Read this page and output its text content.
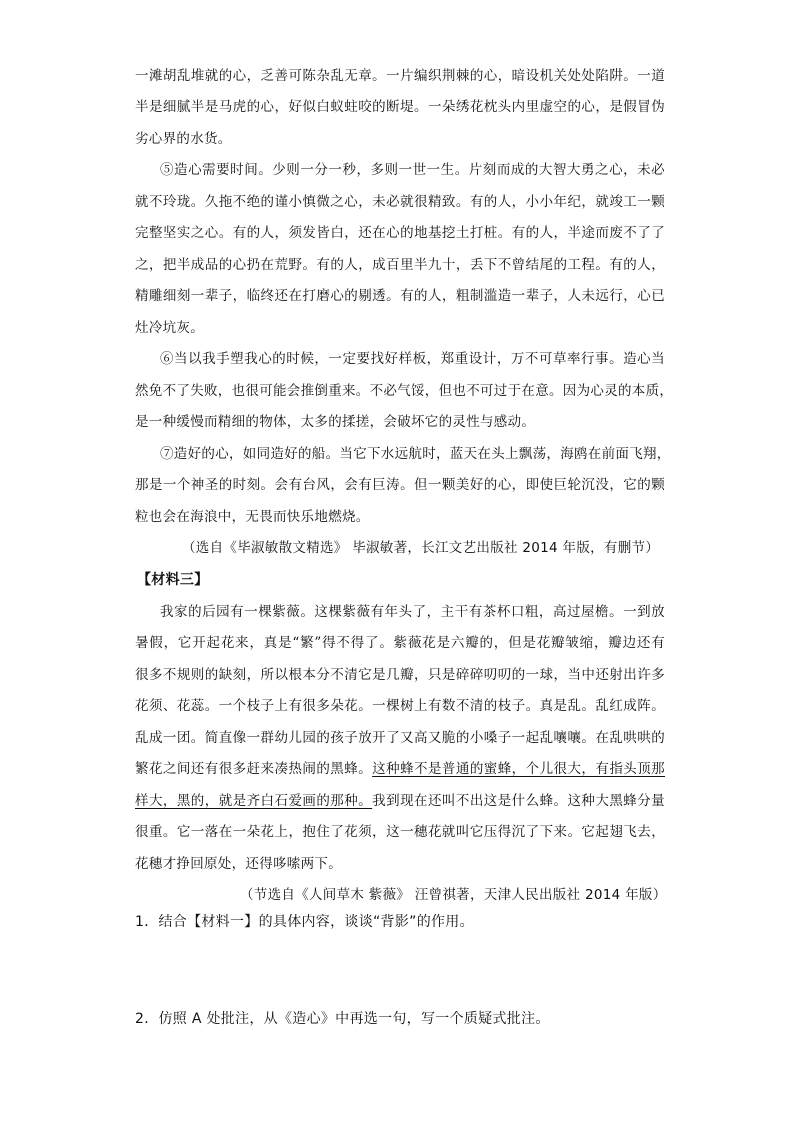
一滩胡乱堆就的心，乏善可陈杂乱无章。一片编织荆棘的心，暗设机关处处陷阱。一道
半是细腻半是马虎的心，好似白蚁蛀咬的断堤。一朵绣花枕头内里虚空的心，是假冒伪
劣心界的水货。
⑤造心需要时间。少则一分一秒，多则一世一生。片刻而成的大智大勇之心，未必
就不玲珑。久拖不绝的谨小慎微之心，未必就很精致。有的人，小小年纪，就竣工一颗
完整坚实之心。有的人，须发皆白，还在心的地基挖土打桩。有的人，半途而废不了了
之，把半成品的心扔在荒野。有的人，成百里半九十，丢下不曾结尾的工程。有的人，
精雕细刻一辈子，临终还在打磨心的剔透。有的人，粗制滥造一辈子，人未远行，心已
灶冷坑灰。
⑥当以我手塑我心的时候，一定要找好样板，郑重设计，万不可草率行事。造心当
然免不了失败，也很可能会推倒重来。不必气馁，但也不可过于在意。因为心灵的本质，
是一种缓慢而精细的物体，太多的揉搓，会破坏它的灵性与感动。
⑦造好的心，如同造好的船。当它下水远航时，蓝天在头上飘荡，海鸥在前面飞翔，
那是一个神圣的时刻。会有台风，会有巨涛。但一颗美好的心，即使巨轮沉没，它的颗
粒也会在海浪中，无畏而快乐地燃烧。
（选自《毕淑敏散文精选》 毕淑敏著，长江文艺出版社 2014 年版，有删节）
【材料三】
我家的后园有一棵紫薇。这棵紫薇有年头了，主干有茶杯口粗，高过屋檐。一到放
暑假，它开起花来，真是“繁”得不得了。紫薇花是六瓣的，但是花瓣皱缩，瓣边还有
很多不规则的缺刻，所以根本分不清它是几瓣，只是碎碎叨叨的一球，当中还射出许多
花须、花蕊。一个枝子上有很多朵花。一棵树上有数不清的枝子。真是乱。乱红成阵。
乱成一团。简直像一群幼儿园的孩子放开了又高又脆的小嗓子一起乱嚷嚷。在乱哄哄的
繁花之间还有很多赶来凑热闹的黑蜂。这种蜂不是普通的蜜蜂，个儿很大，有指头顶那
样大，黑的，就是齐白石爱画的那种。我到现在还叫不出这是什么蜂。这种大黑蜂分量
很重。它一落在一朵花上，抱住了花须，这一穗花就叫它压得沉了下来。它起翅飞去，
花穗才挣回原处，还得哆嗦两下。
（节选自《人间草木 紫薇》 汪曾祺著，天津人民出版社 2014 年版）
1．结合【材料一】的具体内容，谈谈“背影”的作用。
2．仿照 A 处批注，从《造心》中再选一句，写一个质疑式批注。
